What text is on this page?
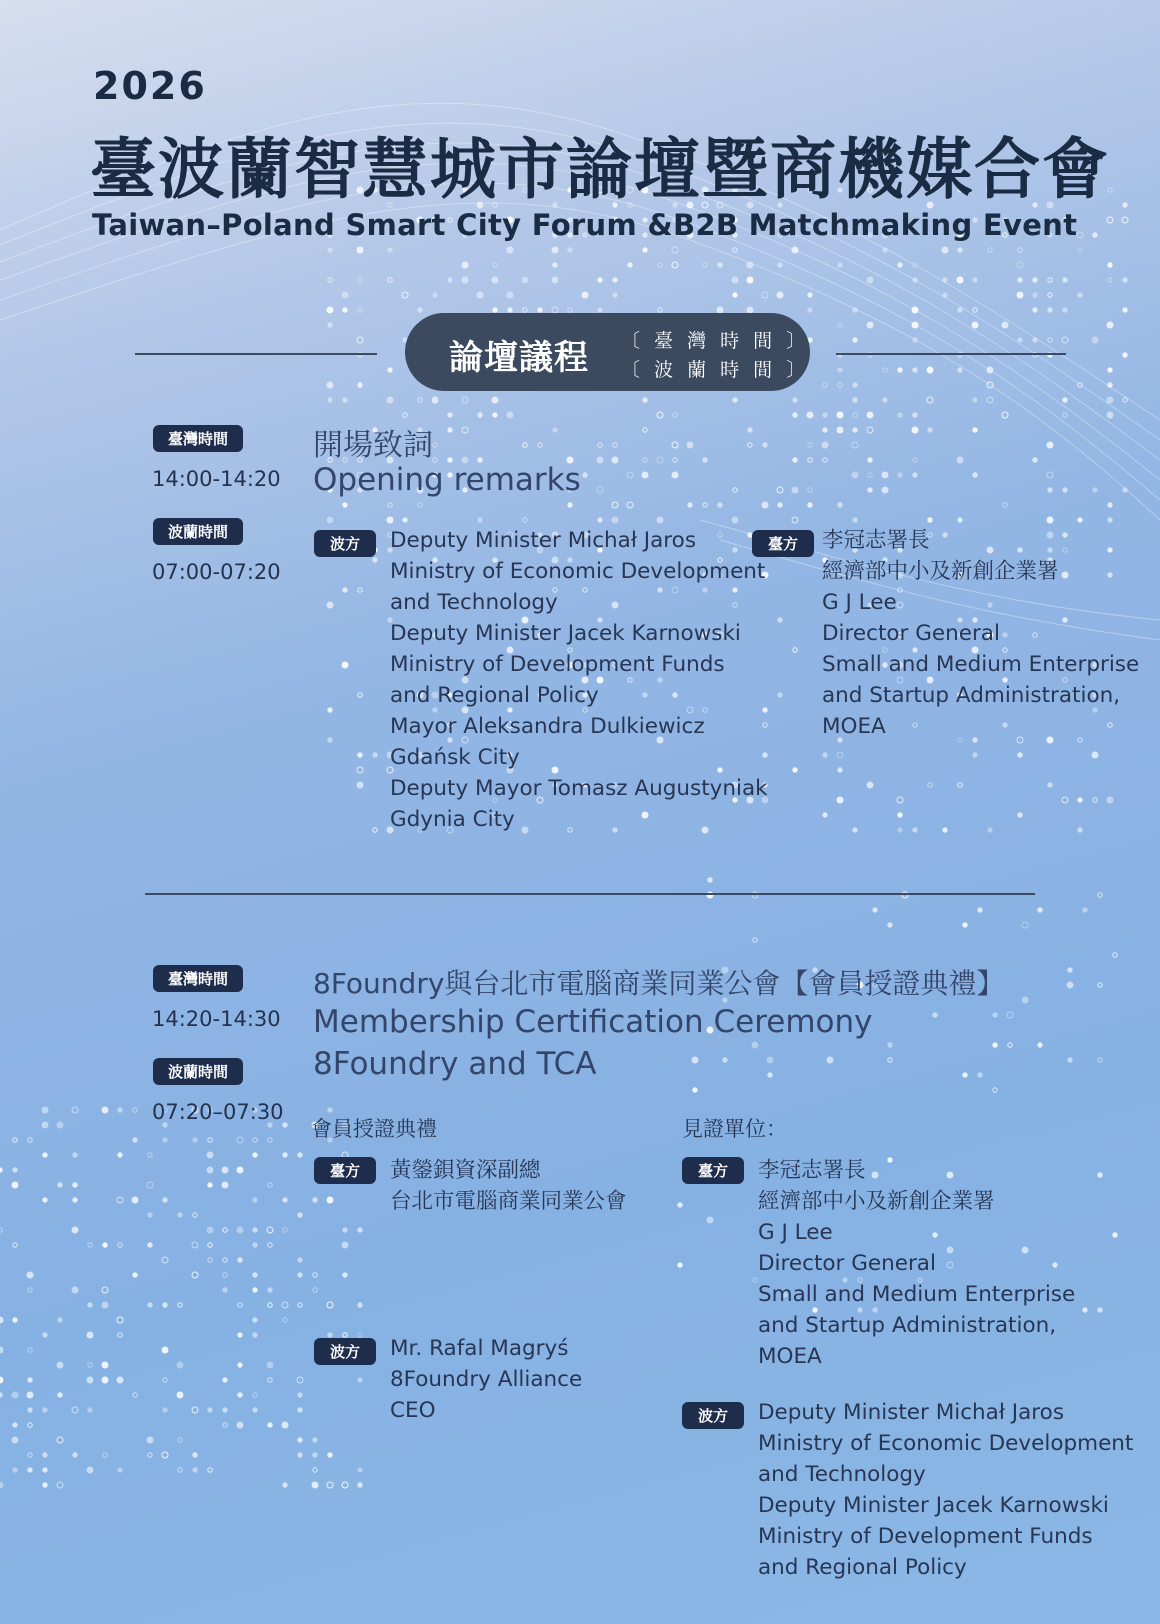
2026
臺波蘭智慧城市論壇暨商機媒合會
Taiwan–Poland Smart City Forum &B2B Matchmaking Event
論壇議程 〔 臺 灣 時 間 〕
〔 波 蘭 時 間 〕
臺灣時間
14:00-14:20
波蘭時間
07:00-07:20
開場致詞
Opening remarks
波方	Deputy Minister Michał Jaros
Ministry of Economic Development
and Technology
Deputy Minister Jacek Karnowski
Ministry of Development Funds
and Regional Policy
Mayor Aleksandra Dulkiewicz
Gdańsk City
Deputy Mayor Tomasz Augustyniak
Gdynia City
臺方	李冠志署長
經濟部中小及新創企業署
G J Lee
Director General
Small and Medium Enterprise
and Startup Administration,
MOEA
臺灣時間
14:20-14:30
波蘭時間
07:20–07:30
8Foundry與台北市電腦商業同業公會【會員授證典禮】
Membership Certification Ceremony
8Foundry and TCA
會員授證典禮	見證單位：
臺方	黃鎣鋇資深副總
台北市電腦商業同業公會
波方	Mr. Rafal Magryś
8Foundry Alliance
CEO
臺方	李冠志署長
經濟部中小及新創企業署
G J Lee
Director General
Small and Medium Enterprise
and Startup Administration,
MOEA
波方	Deputy Minister Michał Jaros
Ministry of Economic Development
and Technology
Deputy Minister Jacek Karnowski
Ministry of Development Funds
and Regional Policy
